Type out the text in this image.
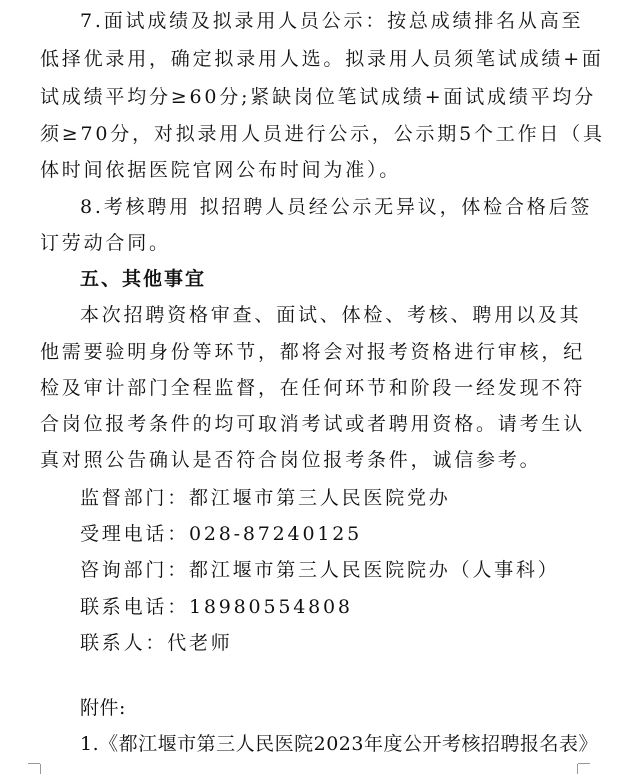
7.面试成绩及拟录用人员公示：按总成绩排名从高至
低择优录用，确定拟录用人选。拟录用人员须笔试成绩+面
试成绩平均分≥60分;紧缺岗位笔试成绩+面试成绩平均分
须≥70分，对拟录用人员进行公示，公示期5个工作日（具
体时间依据医院官网公布时间为准）。
8.考核聘用 拟招聘人员经公示无异议，体检合格后签
订劳动合同。
五、其他事宜
本次招聘资格审查、面试、体检、考核、聘用以及其
他需要验明身份等环节，都将会对报考资格进行审核，纪
检及审计部门全程监督，在任何环节和阶段一经发现不符
合岗位报考条件的均可取消考试或者聘用资格。请考生认
真对照公告确认是否符合岗位报考条件，诚信参考。
监督部门：都江堰市第三人民医院党办
受理电话：028-87240125
咨询部门：都江堰市第三人民医院院办（人事科）
联系电话：18980554808
联系人：代老师
附件:
1.《都江堰市第三人民医院2023年度公开考核招聘报名表》
